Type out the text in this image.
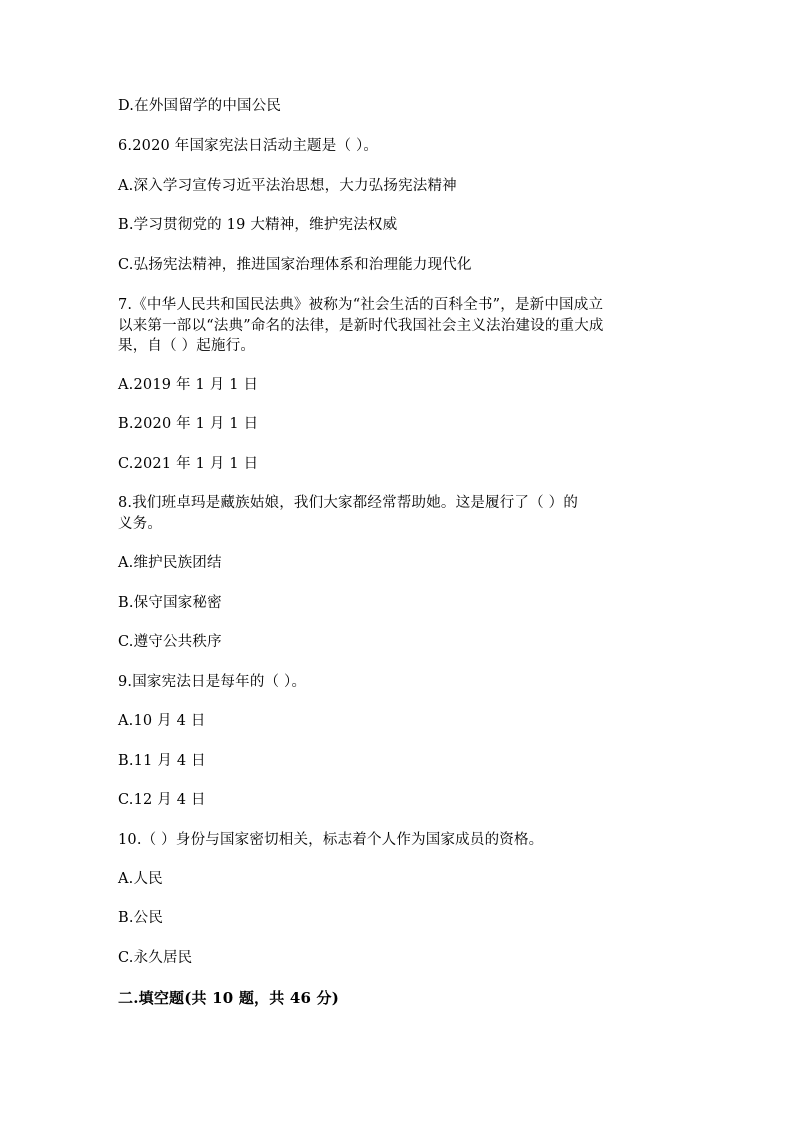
D.在外国留学的中国公民
6.2020 年国家宪法日活动主题是（ ）。
A.深入学习宣传习近平法治思想，大力弘扬宪法精神
B.学习贯彻党的 19 大精神，维护宪法权威
C.弘扬宪法精神，推进国家治理体系和治理能力现代化
7.《中华人民共和国民法典》被称为“社会生活的百科全书”，是新中国成立
以来第一部以“法典”命名的法律，是新时代我国社会主义法治建设的重大成
果，自（ ）起施行。
A.2019 年 1 月 1 日
B.2020 年 1 月 1 日
C.2021 年 1 月 1 日
8.我们班卓玛是藏族姑娘，我们大家都经常帮助她。这是履行了（ ）的
义务。
A.维护民族团结
B.保守国家秘密
C.遵守公共秩序
9.国家宪法日是每年的（ ）。
A.10 月 4 日
B.11 月 4 日
C.12 月 4 日
10.（ ）身份与国家密切相关，标志着个人作为国家成员的资格。
A.人民
B.公民
C.永久居民
二.填空题(共 10 题，共 46 分)
